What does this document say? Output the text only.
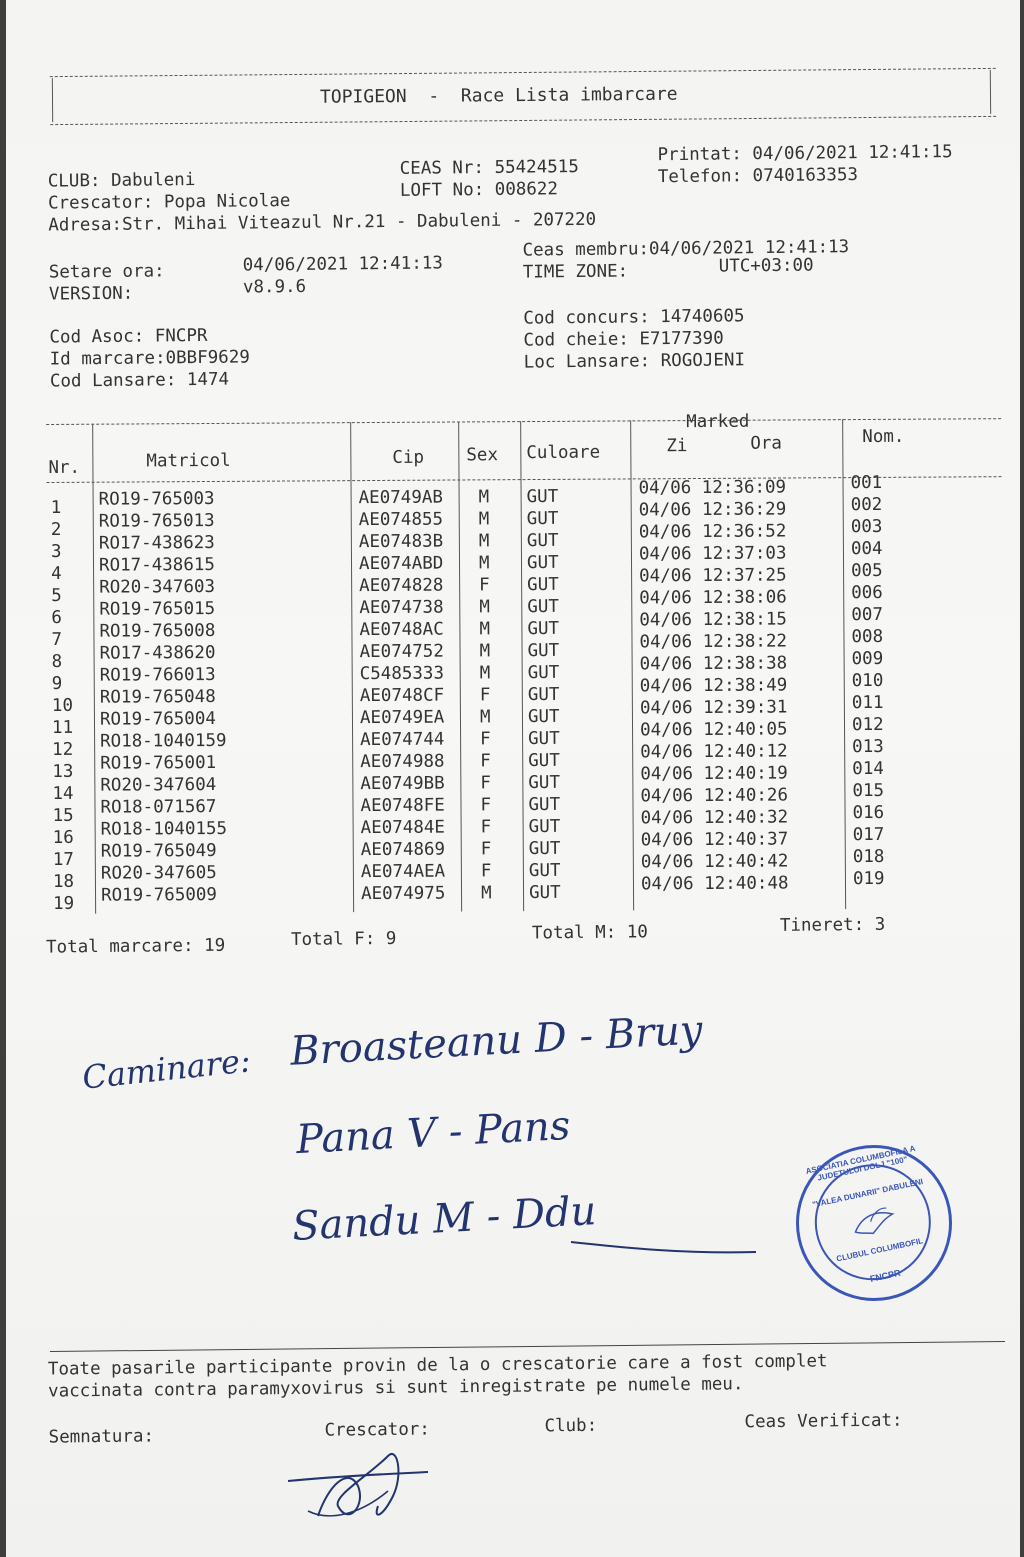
TOPIGEON  -  Race Lista imbarcare
CLUB: Dabuleni
Crescator: Popa Nicolae
Adresa:Str. Mihai Viteazul Nr.21 - Dabuleni - 207220
CEAS Nr: 55424515
LOFT No: 008622
Printat: 04/06/2021 12:41:15
Telefon: 0740163353
Setare ora:	04/06/2021 12:41:13
VERSION:	v8.9.6
Ceas membru:04/06/2021 12:41:13
TIME ZONE:	UTC+03:00
Cod Asoc: FNCPR
Id marcare:0BBF9629
Cod Lansare: 1474
Cod concurs: 14740605
Cod cheie: E7177390
Loc Lansare: ROGOJENI
Nr.	Matricol	Cip Sex Culoare
Marked
Zi	Ora	Nom.
1 RO19-765003	AE0749AB M GUT	04/06 12:36:09	001
2 RO19-765013	AE074855 M GUT	04/06 12:36:29	002
3 RO17-438623	AE07483B M GUT	04/06 12:36:52	003
4 RO17-438615	AE074ABD M GUT	04/06 12:37:03	004
5 RO20-347603	AE074828 F GUT	04/06 12:37:25	005
6 RO19-765015	AE074738 M GUT	04/06 12:38:06	006
7 RO19-765008	AE0748AC M GUT	04/06 12:38:15	007
8 RO17-438620	AE074752 M GUT	04/06 12:38:22	008
9 RO19-766013	C5485333 M GUT	04/06 12:38:38	009
10 RO19-765048	AE0748CF F GUT	04/06 12:38:49	010
11 RO19-765004	AE0749EA M GUT	04/06 12:39:31	011
12 RO18-1040159	AE074744 F GUT	04/06 12:40:05	012
13 RO19-765001	AE074988 F GUT	04/06 12:40:12	013
14 RO20-347604	AE0749BB F GUT	04/06 12:40:19	014
15 RO18-071567	AE0748FE F GUT	04/06 12:40:26	015
16 RO18-1040155	AE07484E F GUT	04/06 12:40:32	016
17 RO19-765049	AE074869 F GUT	04/06 12:40:37	017
18 RO20-347605	AE074AEA F GUT	04/06 12:40:42	018
19 RO19-765009	AE074975 M GUT	04/06 12:40:48	019
Total marcare: 19	Total F: 9	Total M: 10	Tineret: 3
Caminare: Broasteanu D - Bruy
Pana V - Pans
Sandu M - Ddu
ASOCIATIA COLUMBOFILA A JUDETULUI DOLJ "100"
"VALEA DUNARII" DABULENI
CLUBUL COLUMBOFIL
FNCPR
Toate pasarile participante provin de la o crescatorie care a fost complet
vaccinata contra paramyxovirus si sunt inregistrate pe numele meu.
Semnatura:	Crescator:	Club:	Ceas Verificat:
